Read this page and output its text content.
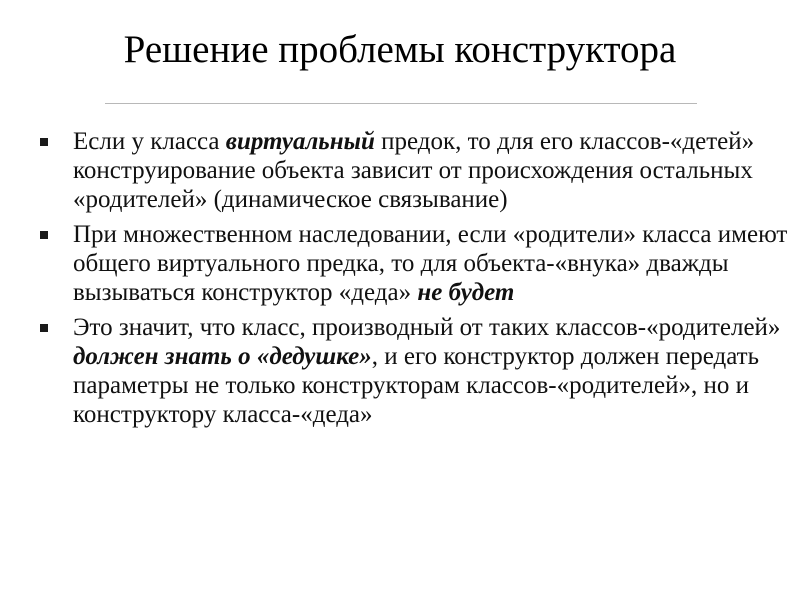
Решение проблемы конструктора
Если у класса виртуальный предок, то для его классов-«детей» конструирование объекта зависит от происхождения остальных «родителей» (динамическое связывание)
При множественном наследовании, если «родители» класса имеют общего виртуального предка, то для объекта-«внука» дважды вызываться конструктор «деда» не будет
Это значит, что класс, производный от таких классов-«родителей» должен знать о «дедушке», и его конструктор должен передать параметры не только конструкторам классов-«родителей», но и конструктору класса-«деда»
